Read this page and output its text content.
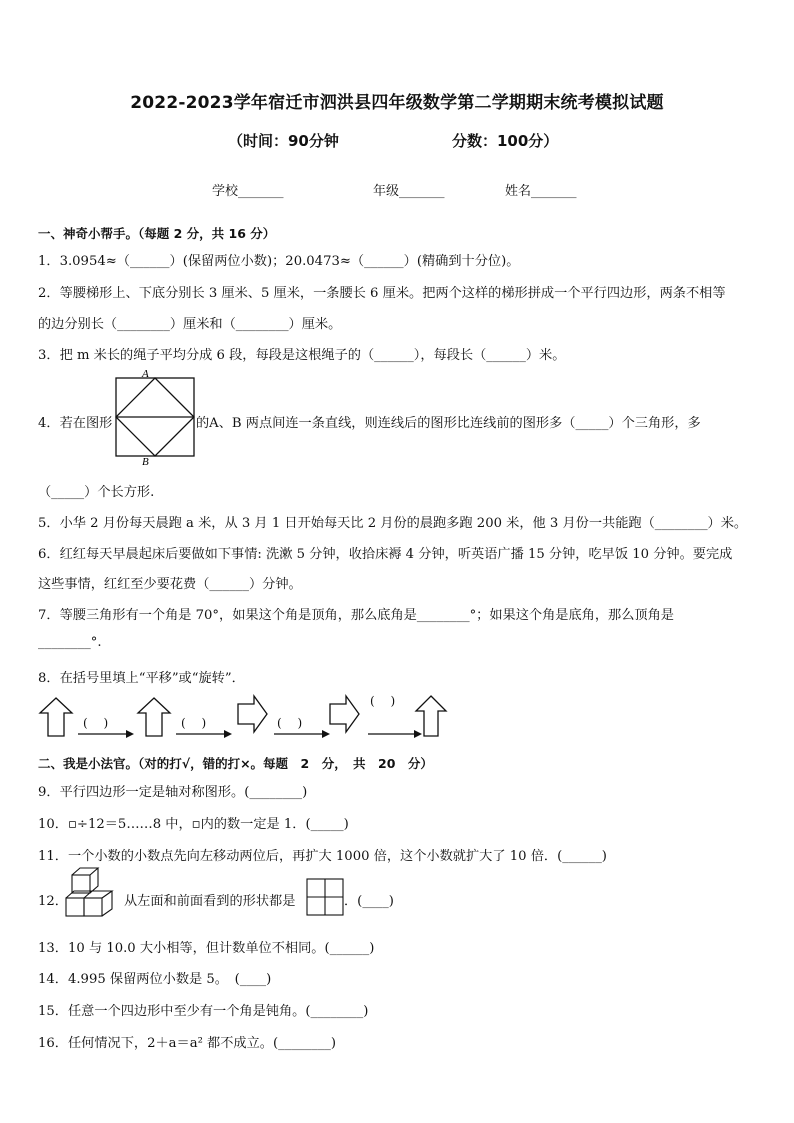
2022-2023学年宿迁市泗洪县四年级数学第二学期期末统考模拟试题
（时间：90分钟	分数：100分）
学校_______	年级_______	姓名_______
一、神奇小帮手。（每题 2 分，共 16 分）
1．3.0954≈（______）(保留两位小数)；20.0473≈（______）(精确到十分位)。
2．等腰梯形上、下底分别长 3 厘米、5 厘米，一条腰长 6 厘米。把两个这样的梯形拼成一个平行四边形，两条不相等
的边分别长（________）厘米和（________）厘米。
3．把 m 米长的绳子平均分成 6 段，每段是这根绳子的（______），每段长（______）米。
4．若在图形
A
B
的A、B 两点间连一条直线，则连线后的图形比连线前的图形多（_____）个三角形，多
（_____）个长方形.
5．小华 2 月份每天晨跑 a 米，从 3 月 1 日开始每天比 2 月份的晨跑多跑 200 米，他 3 月份一共能跑（________）米。
6．红红每天早晨起床后要做如下事情: 洗漱 5 分钟，收拾床褥 4 分钟，听英语广播 15 分钟，吃早饭 10 分钟。要完成
这些事情，红红至少要花费（______）分钟。
7．等腰三角形有一个角是 70°，如果这个角是顶角，那么底角是________°；如果这个角是底角，那么顶角是
________°.
8．在括号里填上“平移”或“旋转”．
(　 )	(　 )	(　 )
(　 )
二、我是小法官。（对的打√，错的打×。每题　2　分，　共　20　分）
9．平行四边形一定是轴对称图形。(________)
10．▫÷12＝5……8 中，▫内的数一定是 1．(_____)
11．一个小数的小数点先向左移动两位后，再扩大 1000 倍，这个小数就扩大了 10 倍．(______)
12．	从左面和前面看到的形状都是	．(____)
13．10 与 10.0 大小相等，但计数单位不相同。(______)
14．4.995 保留两位小数是 5。　(____)
15．任意一个四边形中至少有一个角是钝角。(________)
16．任何情况下，2＋a＝a² 都不成立。(________)
